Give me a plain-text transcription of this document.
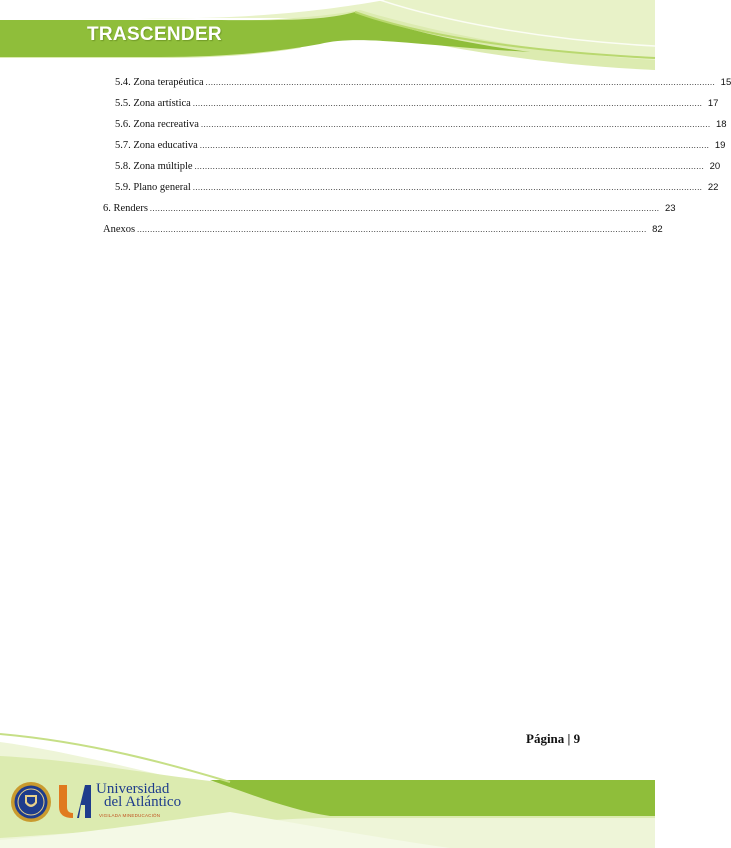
TRASCENDER
5.4. Zona terapéutica .................................................................................................................................................................................................... 15
5.5. Zona artística .................................................................................................................................................................................................... 17
5.6. Zona recreativa .................................................................................................................................................................................................... 18
5.7. Zona educativa .................................................................................................................................................................................................... 19
5.8. Zona múltiple .................................................................................................................................................................................................... 20
5.9. Plano general .................................................................................................................................................................................................... 22
6. Renders .................................................................................................................................................................................................... 23
Anexos .................................................................................................................................................................................................... 82
Página | 9
Universidad
del Atlántico
VIGILADA MINEDUCACIÓN
